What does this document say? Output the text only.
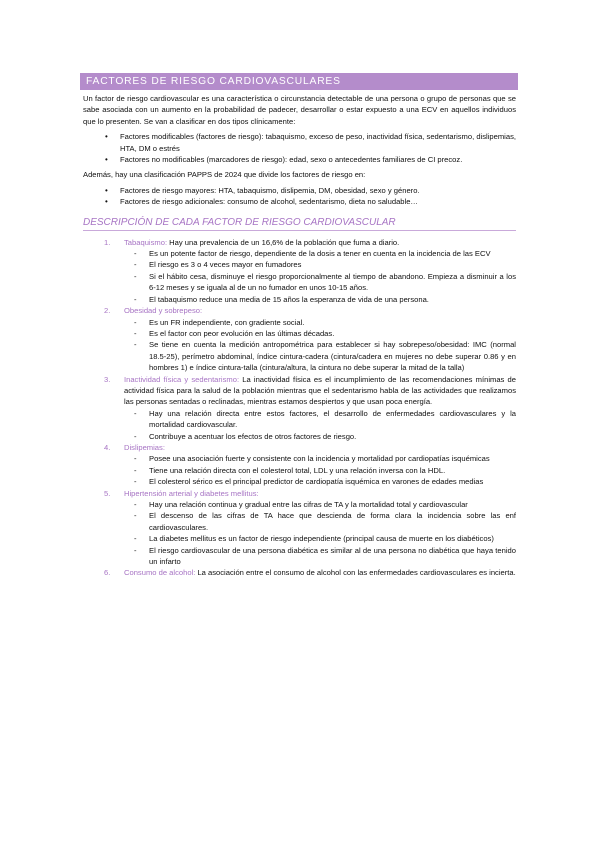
FACTORES DE RIESGO CARDIOVASCULARES

Un factor de riesgo cardiovascular es una característica o circunstancia detectable de una persona o grupo de personas que se sabe asociada con un aumento en la probabilidad de padecer, desarrollar o estar expuesto a una ECV en aquellos individuos que lo presenten. Se van a clasificar en dos tipos clínicamente:

• Factores modificables (factores de riesgo): tabaquismo, exceso de peso, inactividad física, sedentarismo, dislipemias, HTA, DM o estrés
• Factores no modificables (marcadores de riesgo): edad, sexo o antecedentes familiares de CI precoz.

Además, hay una clasificación PAPPS de 2024 que divide los factores de riesgo en:

• Factores de riesgo mayores: HTA, tabaquismo, dislipemia, DM, obesidad, sexo y género.
• Factores de riesgo adicionales: consumo de alcohol, sedentarismo, dieta no saludable…
DESCRIPCIÓN DE CADA FACTOR DE RIESGO CARDIOVASCULAR
1. Tabaquismo: Hay una prevalencia de un 16,6% de la población que fuma a diario.

- Es un potente factor de riesgo, dependiente de la dosis a tener en cuenta en la incidencia de las ECV
- El riesgo es 3 o 4 veces mayor en fumadores
- Si el hábito cesa, disminuye el riesgo proporcionalmente al tiempo de abandono. Empieza a disminuir a los 6-12 meses y se iguala al de un no fumador en unos 10-15 años.
- El tabaquismo reduce una media de 15 años la esperanza de vida de una persona.
2. Obesidad y sobrepeso:

- Es un FR independiente, con gradiente social.
- Es el factor con peor evolución en las últimas décadas.
- Se tiene en cuenta la medición antropométrica para establecer si hay sobrepeso/obesidad: IMC (normal 18.5-25), perímetro abdominal, índice cintura-cadera (cintura/cadera en mujeres no debe superar 0.86 y en hombres 1) e índice cintura-talla (cintura/altura, la cintura no debe superar la mitad de la talla)
3. Inactividad física y sedentarismo: La inactividad física es el incumplimiento de las recomendaciones mínimas de actividad física para la salud de la población mientras que el sedentarismo habla de las actividades que realizamos las personas sentadas o reclinadas, mientras estamos despiertos y que usan poca energía.

- Hay una relación directa entre estos factores, el desarrollo de enfermedades cardiovasculares y la mortalidad cardiovascular.
- Contribuye a acentuar los efectos de otros factores de riesgo.
4. Dislipemias:

- Posee una asociación fuerte y consistente con la incidencia y mortalidad por cardiopatías isquémicas
- Tiene una relación directa con el colesterol total, LDL y una relación inversa con la HDL.
- El colesterol sérico es el principal predictor de cardiopatía isquémica en varones de edades medias
5. Hipertensión arterial y diabetes mellitus:

- Hay una relación continua y gradual entre las cifras de TA y la mortalidad total y cardiovascular
- El descenso de las cifras de TA hace que descienda de forma clara la incidencia sobre las enf cardiovasculares.
- La diabetes mellitus es un factor de riesgo independiente (principal causa de muerte en los diabéticos)
- El riesgo cardiovascular de una persona diabética es similar al de una persona no diabética que haya tenido un infarto
6. Consumo de alcohol: La asociación entre el consumo de alcohol con las enfermedades cardiovasculares es incierta.
